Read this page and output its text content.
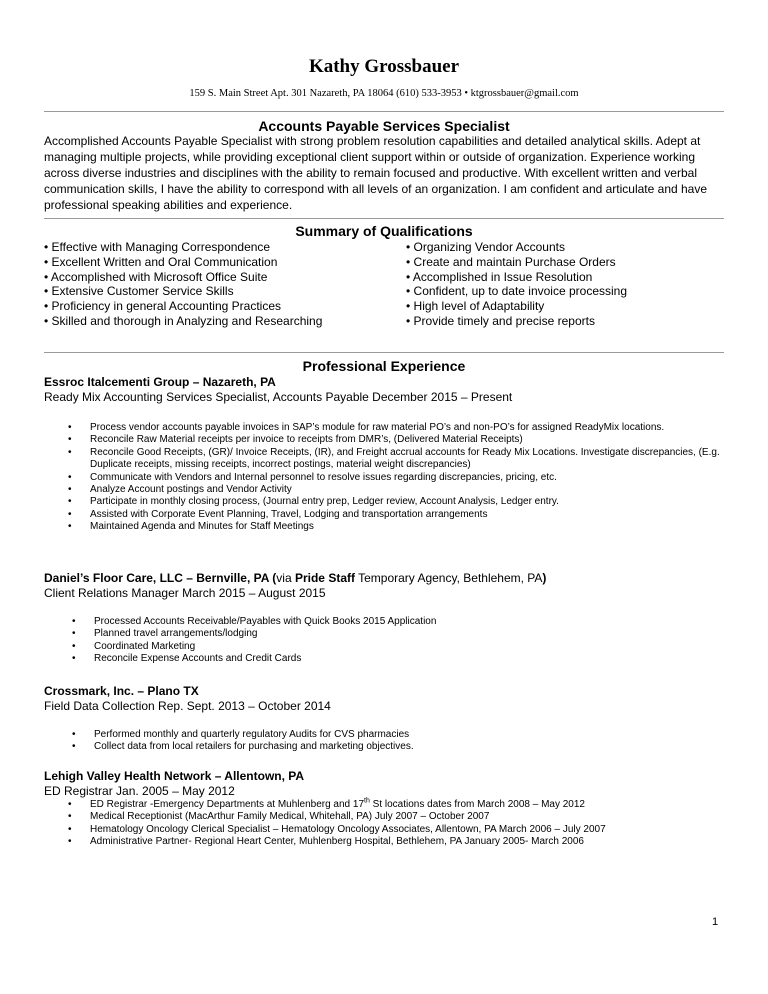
Kathy Grossbauer
159 S. Main Street Apt. 301 Nazareth, PA 18064 (610) 533-3953 • ktgrossbauer@gmail.com
Accounts Payable Services Specialist

Accomplished Accounts Payable Specialist with strong problem resolution capabilities and detailed analytical skills. Adept at managing multiple projects, while providing exceptional client support within or outside of organization. Experience working across diverse industries and disciplines with the ability to remain focused and productive. With excellent written and verbal communication skills, I have the ability to correspond with all levels of an organization. I am confident and articulate and have professional speaking abilities and experience.

Summary of Qualifications
• Effective with Managing Correspondence
• Excellent Written and Oral Communication
• Accomplished with Microsoft Office Suite
• Extensive Customer Service Skills
• Proficiency in general Accounting Practices
• Skilled and thorough in Analyzing and Researching
• Organizing Vendor Accounts
• Create and maintain Purchase Orders
• Accomplished in Issue Resolution
• Confident, up to date invoice processing
• High level of Adaptability
• Provide timely and precise reports
Professional Experience
Essroc Italcementi Group – Nazareth, PA
Ready Mix Accounting Services Specialist, Accounts Payable December 2015 – Present
• Process vendor accounts payable invoices in SAP’s module for raw material PO’s and non-PO’s for assigned ReadyMix locations.
• Reconcile Raw Material receipts per invoice to receipts from DMR’s, (Delivered Material Receipts)
• Reconcile Good Receipts, (GR)/ Invoice Receipts, (IR), and Freight accrual accounts for Ready Mix Locations. Investigate discrepancies, (E.g. Duplicate receipts, missing receipts, incorrect postings, material weight discrepancies)
• Communicate with Vendors and Internal personnel to resolve issues regarding discrepancies, pricing, etc.
• Analyze Account postings and Vendor Activity
• Participate in monthly closing process, (Journal entry prep, Ledger review, Account Analysis, Ledger entry.
• Assisted with Corporate Event Planning, Travel, Lodging and transportation arrangements
• Maintained Agenda and Minutes for Staff Meetings
Daniel’s Floor Care, LLC – Bernville, PA (via Pride Staff Temporary Agency, Bethlehem, PA)
Client Relations Manager March 2015 – August 2015
• Processed Accounts Receivable/Payables with Quick Books 2015 Application
• Planned travel arrangements/lodging
• Coordinated Marketing
• Reconcile Expense Accounts and Credit Cards
Crossmark, Inc. – Plano TX
Field Data Collection Rep. Sept. 2013 – October 2014
• Performed monthly and quarterly regulatory Audits for CVS pharmacies
• Collect data from local retailers for purchasing and marketing objectives.
Lehigh Valley Health Network – Allentown, PA
ED Registrar Jan. 2005 – May 2012
• ED Registrar -Emergency Departments at Muhlenberg and 17th St locations dates from March 2008 – May 2012
• Medical Receptionist (MacArthur Family Medical, Whitehall, PA) July 2007 – October 2007
• Hematology Oncology Clerical Specialist – Hematology Oncology Associates, Allentown, PA March 2006 – July 2007
• Administrative Partner- Regional Heart Center, Muhlenberg Hospital, Bethlehem, PA January 2005- March 2006
1
